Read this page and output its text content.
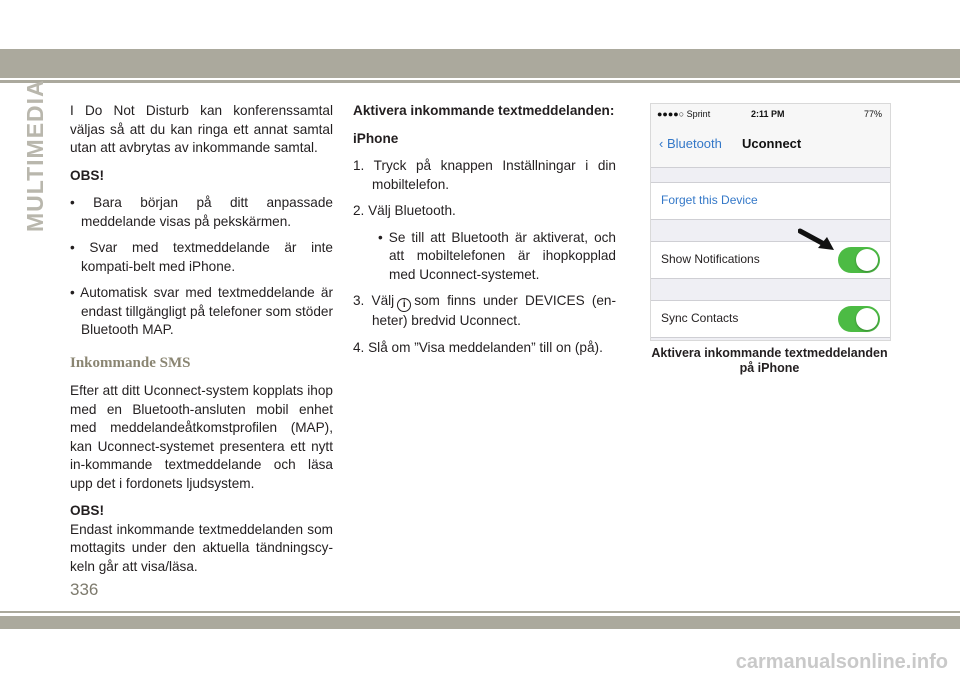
MULTIMEDIA I Do Not Disturb kan konferenssamtal väljas så att du kan ringa ett annat samtal utan att avbrytas av inkommande samtal.

OBS!

• Bara början på ditt anpassade meddelande visas på pekskärmen.

• Svar med textmeddelande är inte kompati-belt med iPhone.

• Automatisk svar med textmeddelande är endast tillgängligt på telefoner som stöder Bluetooth MAP.

Inkommande SMS

Efter att ditt Uconnect-system kopplats ihop med en Bluetooth-ansluten mobil enhet med meddelandeåtkomstprofilen (MAP), kan Uconnect-systemet presentera ett nytt in-kommande textmeddelande och läsa upp det i fordonets ljudsystem.

OBS!

Endast inkommande textmeddelanden som mottagits under den aktuella tändningscy-keln går att visa/läsa.

Aktivera inkommande textmeddelanden:

iPhone

1. Tryck på knappen Inställningar i din mobiltelefon.

2. Välj Bluetooth.

• Se till att Bluetooth är aktiverat, och att mobiltelefonen är ihopkopplad med Uconnect-systemet.

3. Välj i som finns under DEVICES (en-heter) bredvid Uconnect.

4. Slå om ”Visa meddelanden” till on (på).

●●●●○ Sprint	2:11 PM	77%
‹ Bluetooth Uconnect
Forget this Device
Show Notifications
Sync Contacts
Aktivera inkommande textmeddelanden på iPhone
336
carmanualsonline.info
